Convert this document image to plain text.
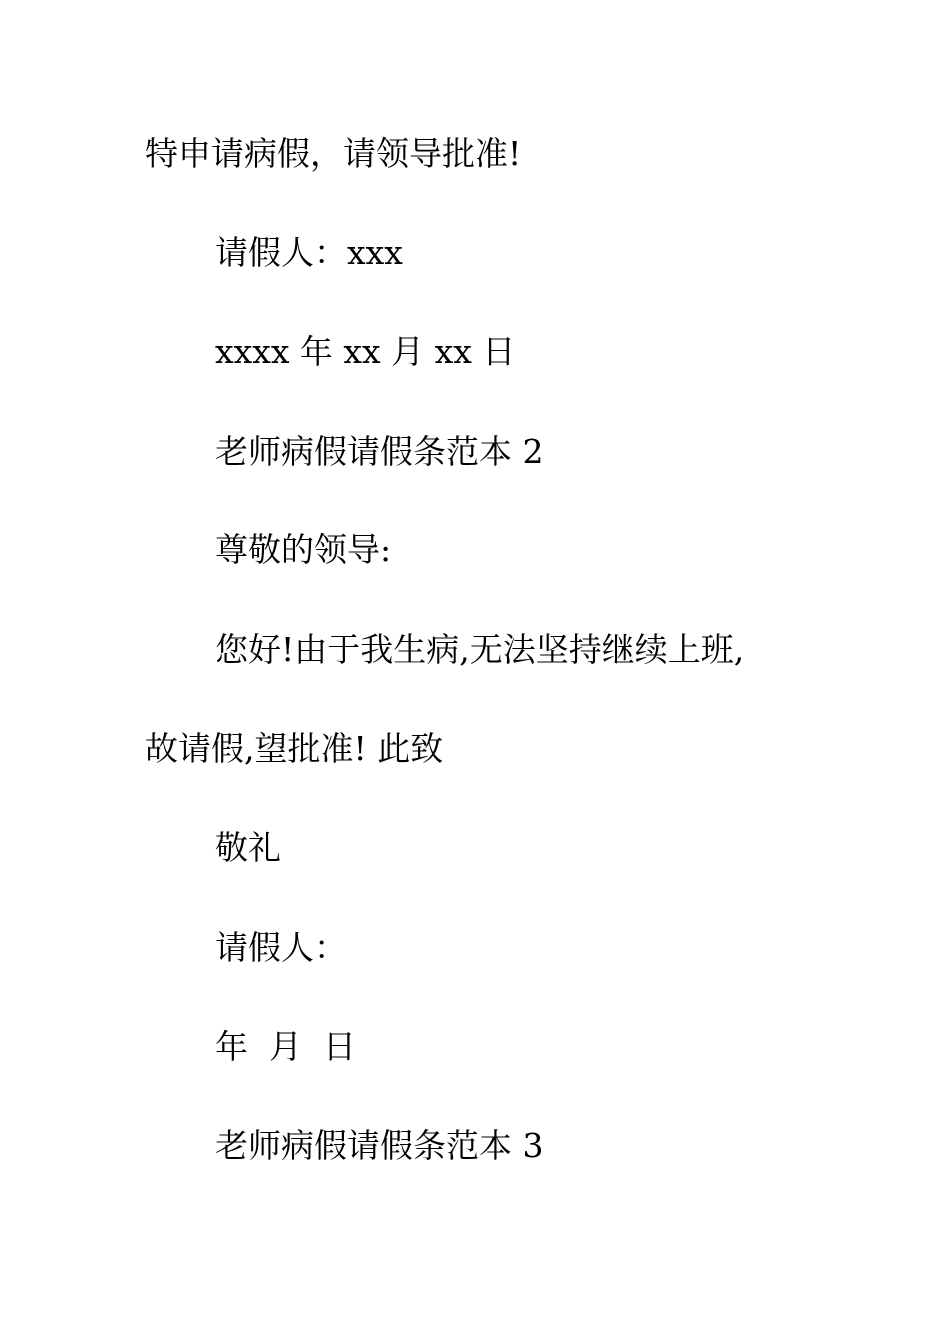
特申请病假，请领导批准!
请假人：xxx
xxxx 年 xx 月 xx 日
老师病假请假条范本 2
尊敬的领导:
您好!由于我生病,无法坚持继续上班,
故请假,望批准! 此致
敬礼
请假人：
年  月  日
老师病假请假条范本 3
